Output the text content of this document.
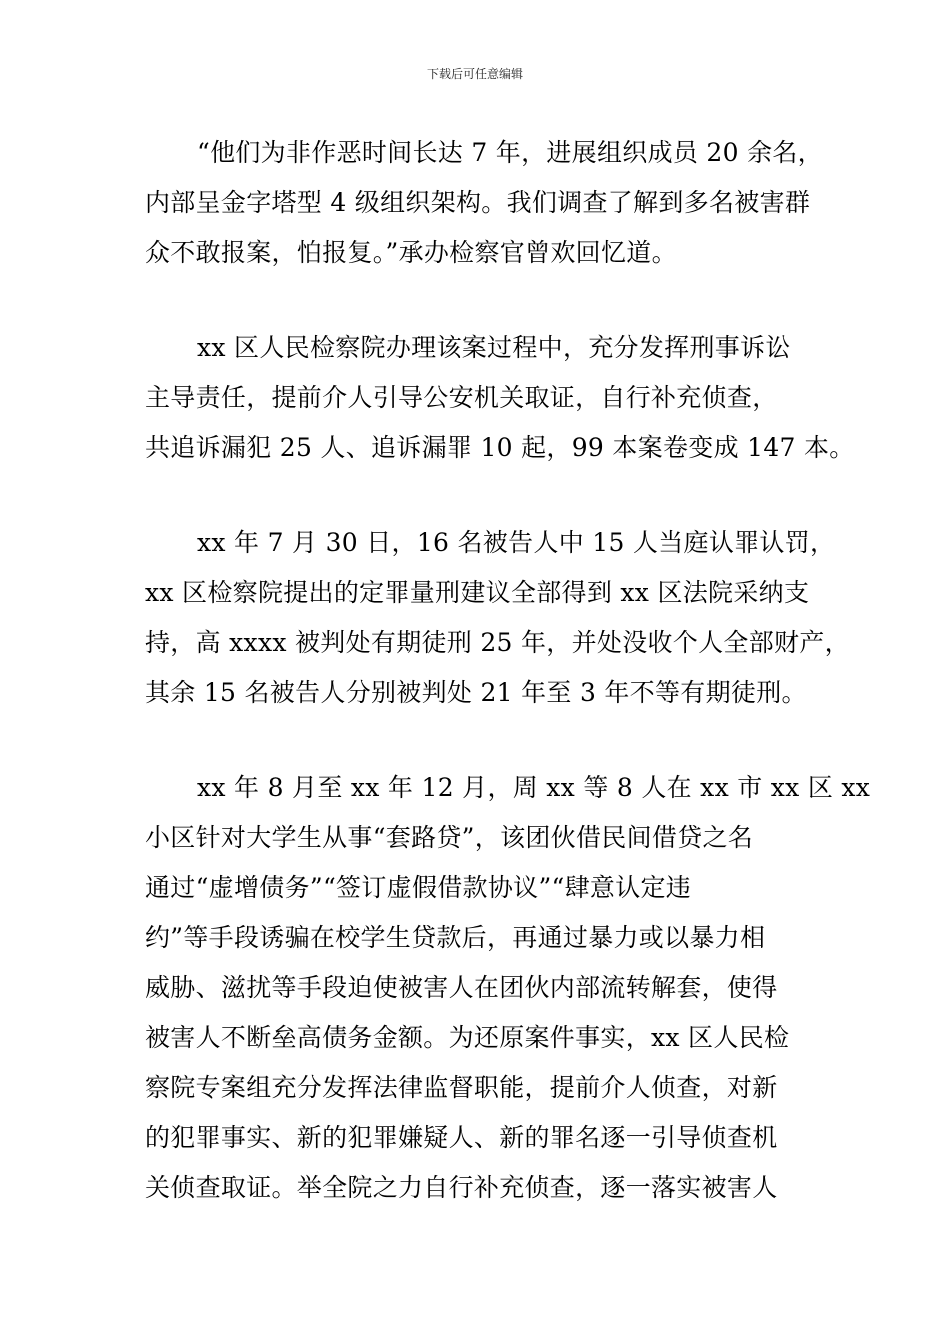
下载后可任意编辑
“他们为非作恶时间长达 7 年，进展组织成员 20 余名，
内部呈金字塔型 4 级组织架构。我们调查了解到多名被害群
众不敢报案，怕报复。”承办检察官曾欢回忆道。
xx 区人民检察院办理该案过程中，充分发挥刑事诉讼
主导责任，提前介人引导公安机关取证，自行补充侦查，
共追诉漏犯 25 人、追诉漏罪 10 起，99 本案卷变成 147 本。
xx 年 7 月 30 日，16 名被告人中 15 人当庭认罪认罚，
xx 区检察院提出的定罪量刑建议全部得到 xx 区法院采纳支
持，高 xxxx 被判处有期徒刑 25 年，并处没收个人全部财产，
其余 15 名被告人分别被判处 21 年至 3 年不等有期徒刑。
xx 年 8 月至 xx 年 12 月，周 xx 等 8 人在 xx 市 xx 区 xx
小区针对大学生从事“套路贷”，该团伙借民间借贷之名
通过“虚增债务”“签订虚假借款协议”“肆意认定违
约”等手段诱骗在校学生贷款后，再通过暴力或以暴力相
威胁、滋扰等手段迫使被害人在团伙内部流转解套，使得
被害人不断垒高债务金额。为还原案件事实，xx 区人民检
察院专案组充分发挥法律监督职能，提前介人侦查，对新
的犯罪事实、新的犯罪嫌疑人、新的罪名逐一引导侦查机
关侦查取证。举全院之力自行补充侦查，逐一落实被害人
